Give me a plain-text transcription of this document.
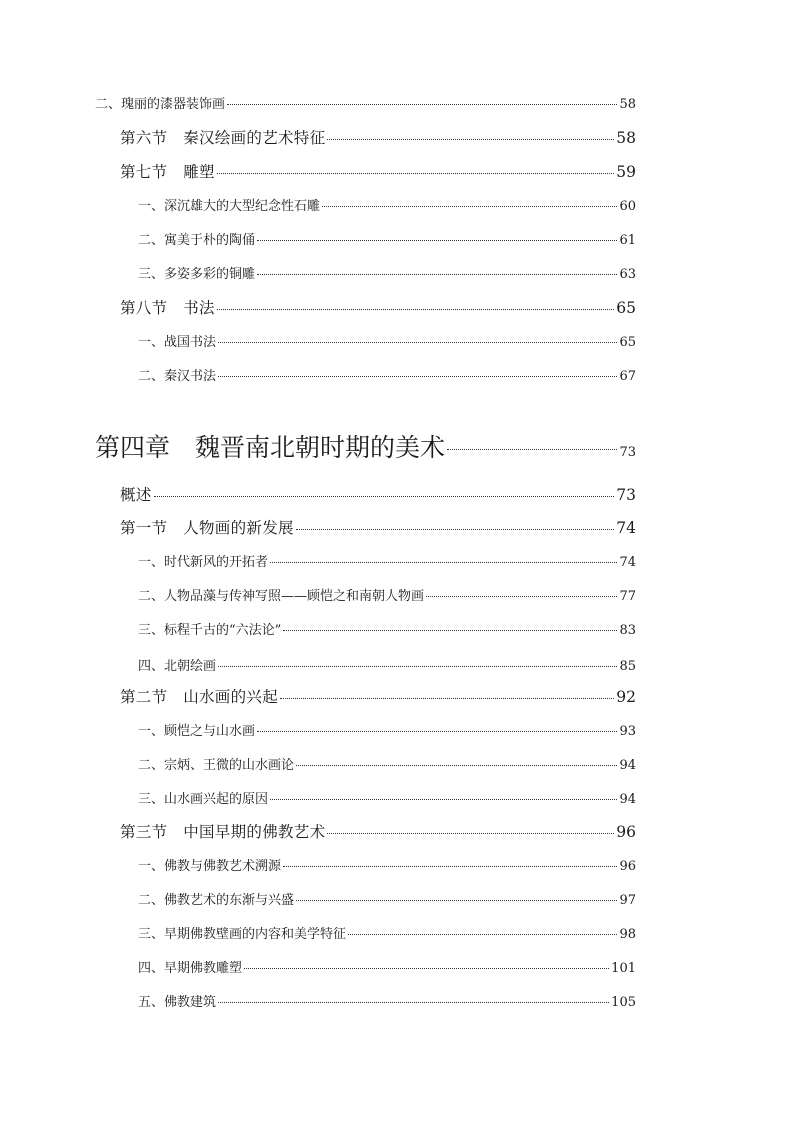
二、瑰丽的漆器装饰画	58
第六节　秦汉绘画的艺术特征	58
第七节　雕塑	59
一、深沉雄大的大型纪念性石雕	60
二、寓美于朴的陶俑	61
三、多姿多彩的铜雕	63
第八节　书法	65
一、战国书法	65
二、秦汉书法	67
第四章　魏晋南北朝时期的美术	73
概述	73
第一节　人物画的新发展	74
一、时代新风的开拓者	74
二、人物品藻与传神写照——顾恺之和南朝人物画	77
三、标程千古的“六法论”	83
四、北朝绘画	85
第二节　山水画的兴起	92
一、顾恺之与山水画	93
二、宗炳、王微的山水画论	94
三、山水画兴起的原因	94
第三节　中国早期的佛教艺术	96
一、佛教与佛教艺术溯源	96
二、佛教艺术的东渐与兴盛	97
三、早期佛教壁画的内容和美学特征	98
四、早期佛教雕塑	101
五、佛教建筑	105
